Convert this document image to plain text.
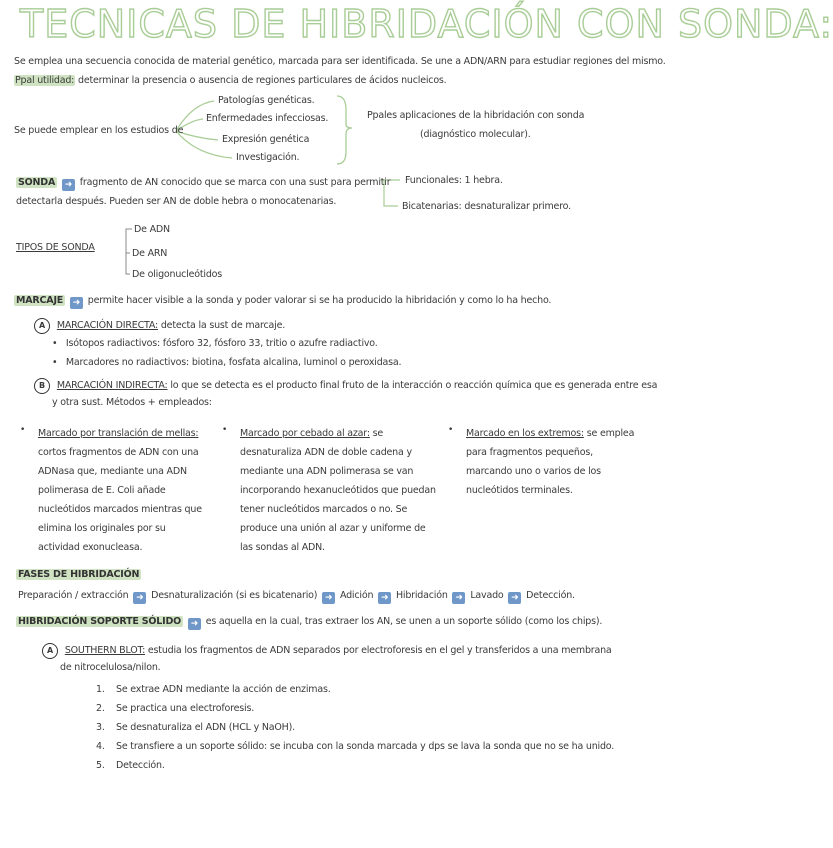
TECNICAS DE HIBRIDACIÓN CON SONDA:
Se emplea una secuencia conocida de material genético, marcada para ser identificada. Se une a ADN/ARN para estudiar regiones del mismo.
Ppal utilidad: determinar la presencia o ausencia de regiones particulares de ácidos nucleicos.
Se puede emplear en los estudios de
Patologías genéticas.
Enfermedades infecciosas.
Expresión genética
Investigación.
Ppales aplicaciones de la hibridación con sonda
(diagnóstico molecular).
SONDA ➜ fragmento de AN conocido que se marca con una sust para permitir
detectarla después. Pueden ser AN de doble hebra o monocatenarias.
Funcionales: 1 hebra.
Bicatenarias: desnaturalizar primero.
TIPOS DE SONDA
De ADN
De ARN
De oligonucleótidos
MARCAJE ➜ permite hacer visible a la sonda y poder valorar si se ha producido la hibridación y como lo ha hecho.
A MARCACIÓN DIRECTA: detecta la sust de marcaje.
•   Isótopos radiactivos: fósforo 32, fósforo 33, tritio o azufre radiactivo.
•   Marcadores no radiactivos: biotina, fosfata alcalina, luminol o peroxidasa.
B MARCACIÓN INDIRECTA: lo que se detecta es el producto final fruto de la interacción o reacción química que es generada entre esa
y otra sust. Métodos + empleados:
• Marcado por translación de mellas: cortos fragmentos de ADN con una ADNasa que, mediante una ADN polimerasa de E. Coli añade nucleótidos marcados mientras que elimina los originales por su actividad exonucleasa.
• Marcado por cebado al azar: se desnaturaliza ADN de doble cadena y mediante una ADN polimerasa se van incorporando hexanucleótidos que puedan tener nucleótidos marcados o no. Se produce una unión al azar y uniforme de las sondas al ADN.
• Marcado en los extremos: se emplea para fragmentos pequeños, marcando uno o varios de los nucleótidos terminales.
FASES DE HIBRIDACIÓN
Preparación / extracción ➜ Desnaturalización (si es bicatenario) ➜ Adición ➜ Hibridación ➜ Lavado ➜ Detección.
HIBRIDACIÓN SOPORTE SÓLIDO ➜ es aquella en la cual, tras extraer los AN, se unen a un soporte sólido (como los chips).
A SOUTHERN BLOT: estudia los fragmentos de ADN separados por electroforesis en el gel y transferidos a una membrana
de nitrocelulosa/nilon.
1. Se extrae ADN mediante la acción de enzimas.
2. Se practica una electroforesis.
3. Se desnaturaliza el ADN (HCL y NaOH).
4. Se transfiere a un soporte sólido: se incuba con la sonda marcada y dps se lava la sonda que no se ha unido.
5. Detección.
